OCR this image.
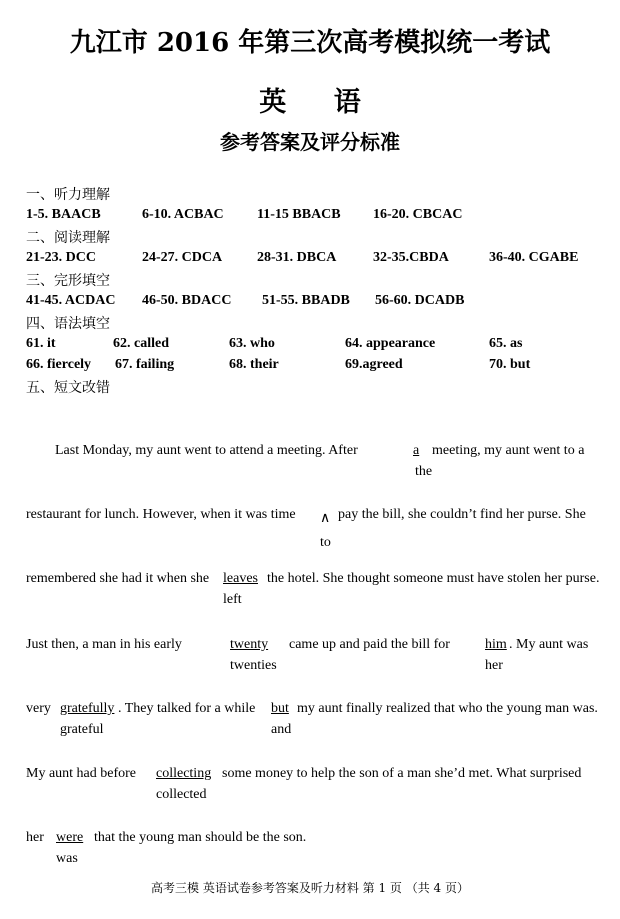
九江市 2016 年第三次高考模拟统一考试
英 语
参考答案及评分标准
一、听力理解
1-5. BAACB	6-10. ACBAC 11-15 BBACB 16-20. CBCAC
二、阅读理解
21-23. DCC	24-27. CDCA 28-31. DBCA	32-35.CBDA	36-40. CGABE
三、完形填空
41-45. ACDAC 46-50. BDACC 51-55. BBADB 56-60. DCADB
四、语法填空
61. it	62. called	63. who	64. appearance	65. as
66. fiercely 67. failing	68. their	69.agreed	70. but
五、短文改错
Last Monday, my aunt went to attend a meeting. After	a meeting, my aunt went to a
the
restaurant for lunch. However, when it was time ∧ pay the bill, she couldn’t find her purse. She
to
remembered she had it when she leaves the hotel. She thought someone must have stolen her purse.
left
Just then, a man in his early	twenty came up and paid the bill for	him . My aunt was
twenties	her
very gratefully . They talked for a while but my aunt finally realized that who the young man was.
grateful	and
My aunt had before collecting some money to help the son of a man she’d met. What surprised
collected
her were that the young man should be the son.
was
高考三模 英语试卷参考答案及听力材料 第 1 页 （共 4 页）
